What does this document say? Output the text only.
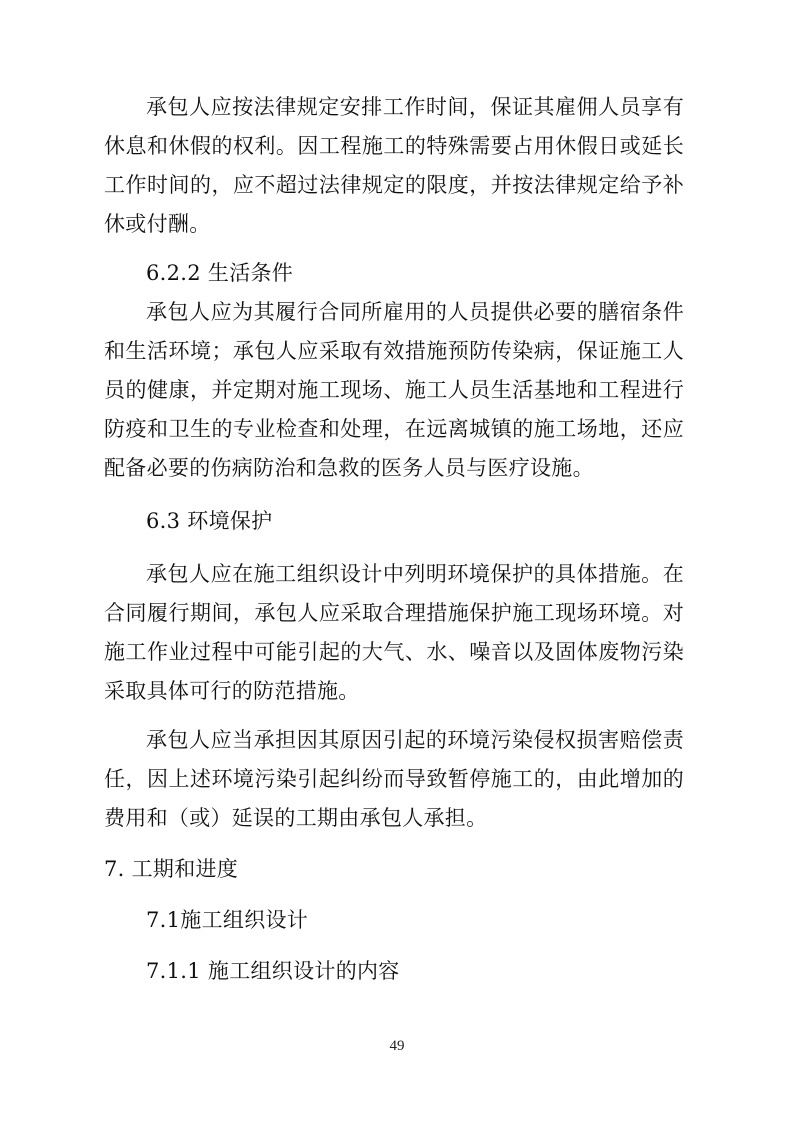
承包人应按法律规定安排工作时间，保证其雇佣人员享有休息和休假的权利。因工程施工的特殊需要占用休假日或延长工作时间的，应不超过法律规定的限度，并按法律规定给予补休或付酬。

6.2.2 生活条件

承包人应为其履行合同所雇用的人员提供必要的膳宿条件和生活环境；承包人应采取有效措施预防传染病，保证施工人员的健康，并定期对施工现场、施工人员生活基地和工程进行防疫和卫生的专业检查和处理，在远离城镇的施工场地，还应配备必要的伤病防治和急救的医务人员与医疗设施。

6.3 环境保护

承包人应在施工组织设计中列明环境保护的具体措施。在合同履行期间，承包人应采取合理措施保护施工现场环境。对施工作业过程中可能引起的大气、水、噪音以及固体废物污染采取具体可行的防范措施。

承包人应当承担因其原因引起的环境污染侵权损害赔偿责任，因上述环境污染引起纠纷而导致暂停施工的，由此增加的费用和（或）延误的工期由承包人承担。

7. 工期和进度

7.1施工组织设计

7.1.1 施工组织设计的内容

49
